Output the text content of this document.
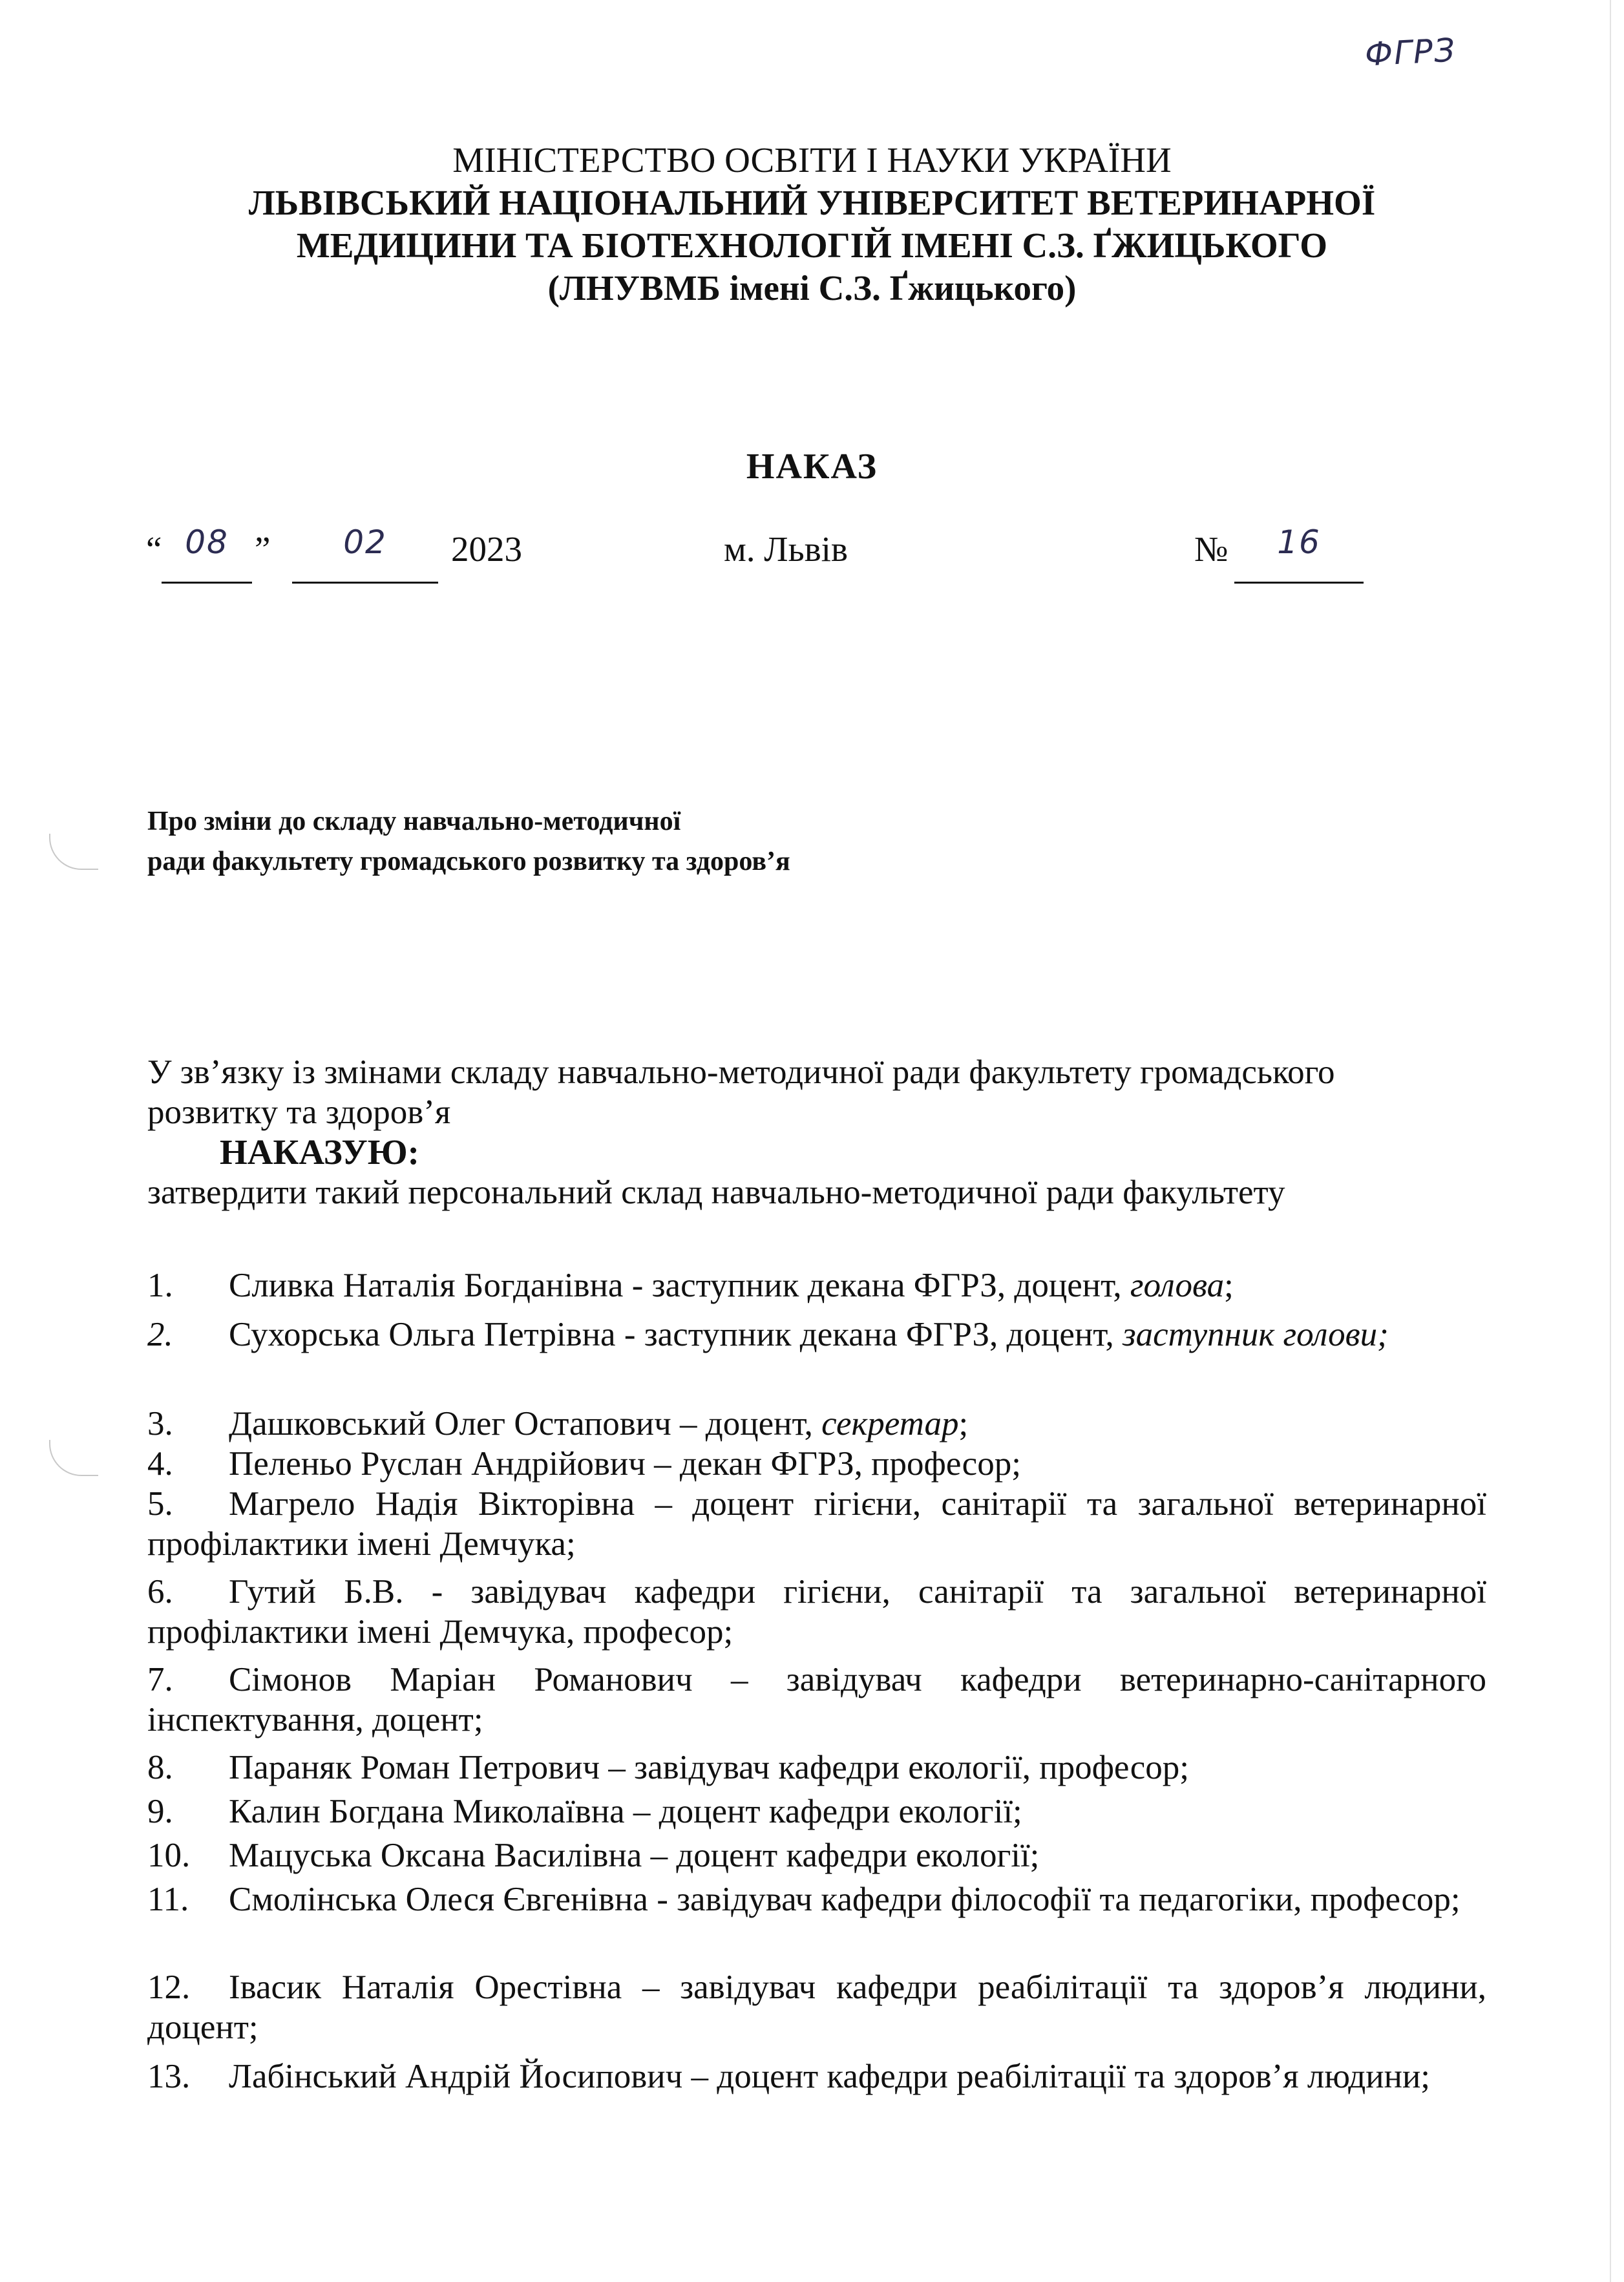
ФГРЗ
МІНІСТЕРСТВО ОСВІТИ І НАУКИ УКРАЇНИ
ЛЬВІВСЬКИЙ НАЦІОНАЛЬНИЙ УНІВЕРСИТЕТ ВЕТЕРИНАРНОЇ
МЕДИЦИНИ ТА БІОТЕХНОЛОГІЙ ІМЕНІ С.З. ҐЖИЦЬКОГО
(ЛНУВМБ імені С.З. Ґжицького)
НАКАЗ
“ 08 ”	02	2023	м. Львів	№	16
Про зміни до складу навчально-методичної
ради факультету громадського розвитку та здоров’я
У зв’язку із змінами складу навчально-методичної ради факультету громадського
розвитку та здоров’я
НАКАЗУЮ:
затвердити такий персональний склад навчально-методичної ради факультету
1. Сливка Наталія Богданівна - заступник декана ФГРЗ, доцент, голова;
2. Сухорська Ольга Петрівна - заступник декана ФГРЗ, доцент, заступник голови;
3. Дашковський Олег Остапович – доцент, секретар;
4. Пеленьо Руслан Андрійович – декан ФГРЗ, професор;
5. Магрело Надія Вікторівна – доцент гігієни, санітарії та загальної ветеринарної профілактики імені Демчука;
6. Гутий Б.В. - завідувач кафедри гігієни, санітарії та загальної ветеринарної профілактики імені Демчука, професор;
7. Сімонов Маріан Романович – завідувач кафедри ветеринарно-санітарного інспектування, доцент;
8. Параняк Роман Петрович – завідувач кафедри екології, професор;
9. Калин Богдана Миколаївна – доцент кафедри екології;
10. Мацуська Оксана Василівна – доцент кафедри екології;
11. Смолінська Олеся Євгенівна - завідувач кафедри філософії та педагогіки, професор;
12. Івасик Наталія Орестівна – завідувач кафедри реабілітації та здоров’я людини, доцент;
13. Лабінський Андрій Йосипович – доцент кафедри реабілітації та здоров’я людини;
